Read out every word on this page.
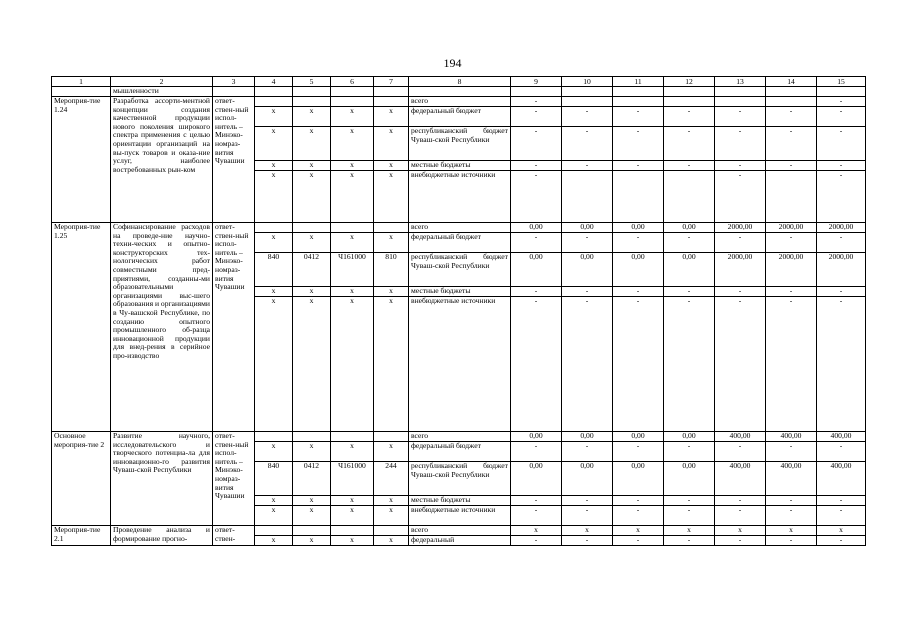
194
1	2	3	4	5	6	7	8	9	10	11	12	13	14	15
	мышленности													
Мероприя-тие 1.24	Разработка ассорти-ментной концепции создания качественной продукции нового поколения широкого спектра применения с целью ориентации организаций на вы-пуск товаров и оказа-ние услуг, наиболее востребованных рын-ком	ответ-ствен-ный испол-нитель – Минэко-номраз-вития Чувашии					всего	-						-
			x	x	x	x	федеральный бюджет	-	-	-	-	-	-	-
			x	x	x	x	республиканский бюджет Чуваш-ской Республики	-	-	-	-	-	-	-
			x	x	x	x	местные бюджеты	-	-	-	-	-	-	-
			x	x	x	x	внебюджетные источники	-				-		-
Мероприя-тие 1.25	Софинансирование расходов на проведе-ние научно-техни-ческих и опытно-конструкторских тех-нологических работ совместными пред-приятиями, созданны-ми образовательными организациями выс-шего образования и организациями в Чу-вашской Республике, по созданию опытного промышленного об-разца инновационной продукции для внед-рения в серийное про-изводство	ответ-ствен-ный испол-нитель – Минэко-номраз-вития Чувашии					всего	0,00	0,00	0,00	0,00	2000,00	2000,00	2000,00
			x	x	x	x	федеральный бюджет	-	-	-	-	-	-	-
			840	0412	Ч161000	810	республиканский бюджет Чуваш-ской Республики	0,00	0,00	0,00	0,00	2000,00	2000,00	2000,00
			x	x	x	x	местные бюджеты	-	-	-	-	-	-	-
			x	x	x	x	внебюджетные источники	-	-	-	-	-	-	-
Основное мероприя-тие 2	Развитие научного, исследовательского и творческого потенциа-ла для инновационно-го развития Чуваш-ской Республики	ответ-ствен-ный испол-нитель – Минэко-номраз-вития Чувашии					всего	0,00	0,00	0,00	0,00	400,00	400,00	400,00
			x	x	x	x	федеральный бюджет	-	-	-	-	-	-	-
			840	0412	Ч161000	244	республиканский бюджет Чуваш-ской Республики	0,00	0,00	0,00	0,00	400,00	400,00	400,00
			x	x	x	x	местные бюджеты	-	-	-	-	-	-	-
			x	x	x	x	внебюджетные источники	-	-	-	-	-	-	-
Мероприя-тие 2.1	Проведение анализа и формирование прогно-	ответ-ствен-					всего	x	x	x	x	x	x	x
			x	x	x	x	федеральный	-	-	-	-	-	-	-
